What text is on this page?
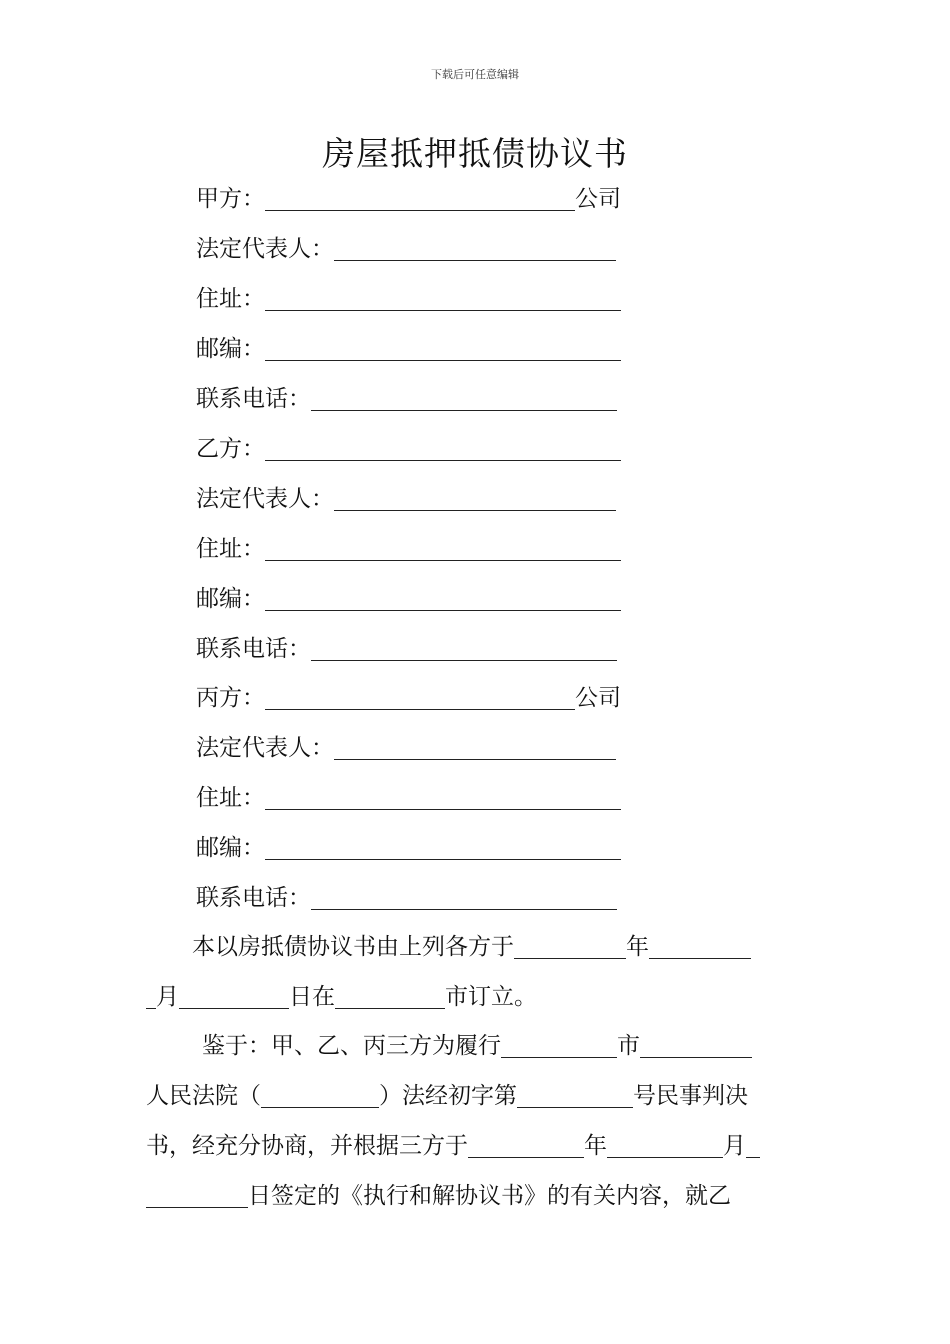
下载后可任意编辑
房屋抵押抵债协议书
甲方：	公司
法定代表人：
住址：
邮编：
联系电话：
乙方：
法定代表人：
住址：
邮编：
联系电话：
丙方：	公司
法定代表人：
住址：
邮编：
联系电话：
本以房抵债协议书由上列各方于	年
月	日在	市订立。
鉴于：甲、乙、丙三方为履行	市
人民法院（	）法经初字第	号民事判决
书，经充分协商，并根据三方于	年	月
日签定的《执行和解协议书》的有关内容，就乙
